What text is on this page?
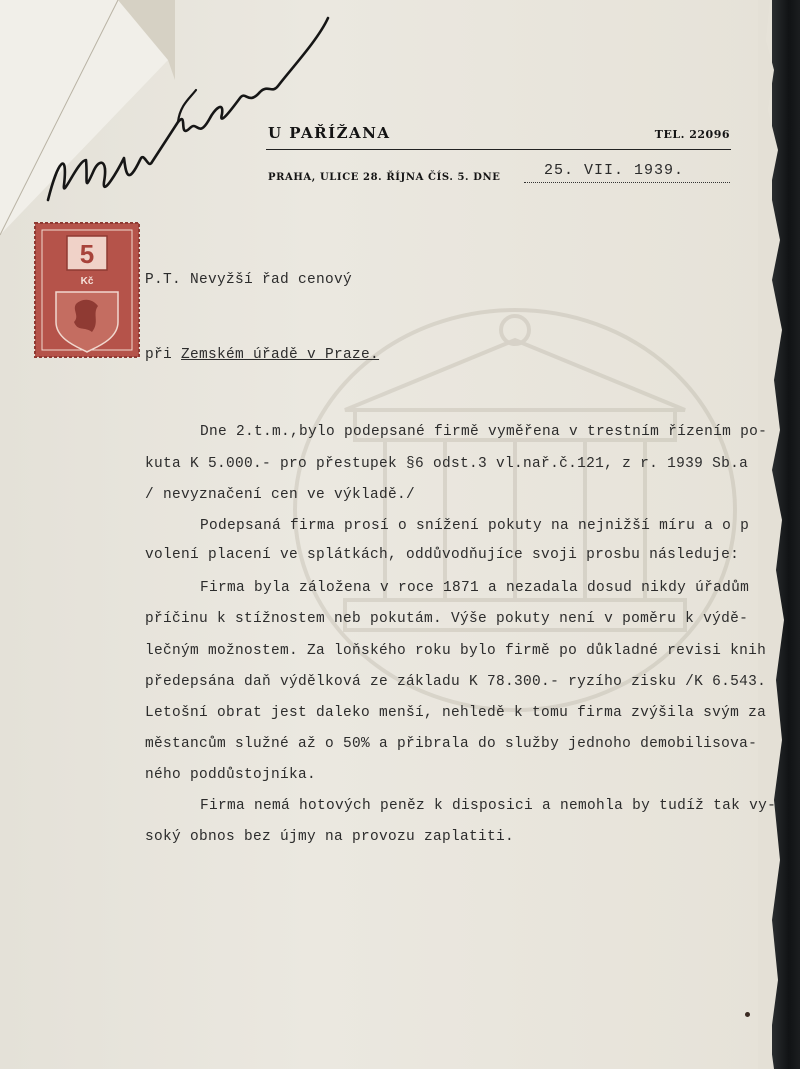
U PAŘÍŽANA	TEL. 22096
PRAHA, ULICE 28. ŘÍJNA ČÍS. 5. DNE	25. VII. 1939.
5
Kč	P.T. Nevyžší řad cenový
při Zemském úřadě v Praze.
Dne 2.t.m.,bylo podepsané firmě vyměřena v trestním řízením po-
kuta K 5.000.- pro přestupek §6 odst.3 vl.nař.č.121, z r. 1939 Sb.a
/ nevyznačení cen ve výkladě./
Podepsaná firma prosí o snížení pokuty na nejnižší míru a o p
volení placení ve splátkách, oddůvodňujíce svoji prosbu následuje:
Firma byla záložena v roce 1871 a nezadala dosud nikdy úřadům
příčinu k stížnostem neb pokutám. Výše pokuty není v poměru k výdě-
lečným možnostem. Za loňského roku bylo firmě po důkladné revisi knih
předepsána daň výdělková ze základu K 78.300.- ryzího zisku /K 6.543.
Letošní obrat jest daleko menší, nehledě k tomu firma zvýšila svým za
městancům služné až o 50% a přibrala do služby jednoho demobilisova-
ného poddůstojníka.
Firma nemá hotových peněz k disposici a nemohla by tudíž tak vy-
soký obnos bez újmy na provozu zaplatiti.
